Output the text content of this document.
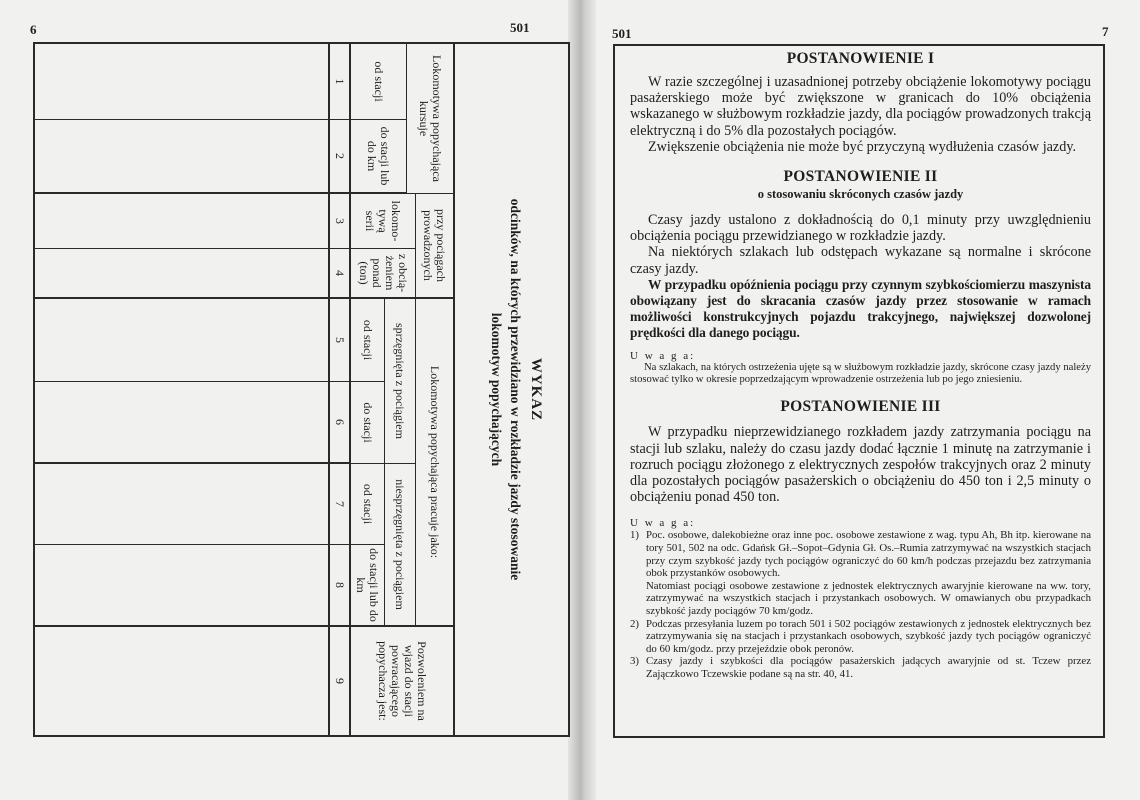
6	501
WYKAZ
odcinków, na których przewidziano w rozkładzie jazdy stosowanie
lokomotyw popychających
Lokomotywa popychająca kursuje
od stacji
do stacji lub do km
przy pociągach prowadzonych
lokomo-tywą serii
z obcią-żeniem ponad (ton)
Lokomotywa popychająca pracuje jako:
sprzęgnięta z pociągiem
od stacji
do stacji
niesprzęgnięta z pociągiem
od stacji
do stacji lub do km
Pozwoleniem na wjazd do stacji powracającego popychacza jest:
1
2
3
4
5
6
7
8
9
501	7
POSTANOWIENIE I

W razie szczególnej i uzasadnionej potrzeby obciążenie lokomotywy pociągu pasażerskiego może być zwiększone w granicach do 10% obciążenia wskazanego w służbowym rozkładzie jazdy, dla pociągów prowadzonych trakcją elektryczną i do 5% dla pozostałych pociągów.

Zwiększenie obciążenia nie może być przyczyną wydłużenia czasów jazdy.

POSTANOWIENIE II
o stosowaniu skróconych czasów jazdy

Czasy jazdy ustalono z dokładnością do 0,1 minuty przy uwzględnieniu obciążenia pociągu przewidzianego w rozkładzie jazdy.

Na niektórych szlakach lub odstępach wykazane są normalne i skrócone czasy jazdy.

W przypadku opóźnienia pociągu przy czynnym szybkościomierzu maszynista obowiązany jest do skracania czasów jazdy przez stosowanie w ramach możliwości konstrukcyjnych pojazdu trakcyjnego, największej dozwolonej prędkości dla danego pociągu.

U w a g a:
Na szlakach, na których ostrzeżenia ujęte są w służbowym rozkładzie jazdy, skrócone czasy jazdy należy stosować tylko w okresie poprzedzającym wprowadzenie ostrzeżenia lub po jego zniesieniu.
POSTANOWIENIE III

W przypadku nieprzewidzianego rozkładem jazdy zatrzymania pociągu na stacji lub szlaku, należy do czasu jazdy dodać łącznie 1 minutę na zatrzymanie i rozruch pociągu złożonego z elektrycznych zespołów trakcyjnych oraz 2 minuty dla pozostałych pociągów pasażerskich o obciążeniu do 450 ton i 2,5 minuty o obciążeniu ponad 450 ton.

U w a g a:
1) Poc. osobowe, dalekobieżne oraz inne poc. osobowe zestawione z wag. typu Ah, Bh itp. kierowane na tory 501, 502 na odc. Gdańsk Gł.–Sopot–Gdynia Gł. Os.–Rumia zatrzymywać na wszystkich stacjach przy czym szybkość jazdy tych pociągów ograniczyć do 60 km/h podczas przejazdu bez zatrzymania obok przystanków osobowych.
Natomiast pociągi osobowe zestawione z jednostek elektrycznych awaryjnie kierowane na ww. tory, zatrzymywać na wszystkich stacjach i przystankach osobowych. W omawianych obu przypadkach szybkość jazdy pociągów 70 km/godz.
2) Podczas przesyłania luzem po torach 501 i 502 pociągów zestawionych z jednostek elektrycznych bez zatrzymywania się na stacjach i przystankach osobowych, szybkość jazdy tych pociągów ograniczyć do 60 km/godz. przy przejeździe obok peronów.
3) Czasy jazdy i szybkości dla pociągów pasażerskich jadących awaryjnie od st. Tczew przez Zajączkowo Tczewskie podane są na str. 40, 41.
